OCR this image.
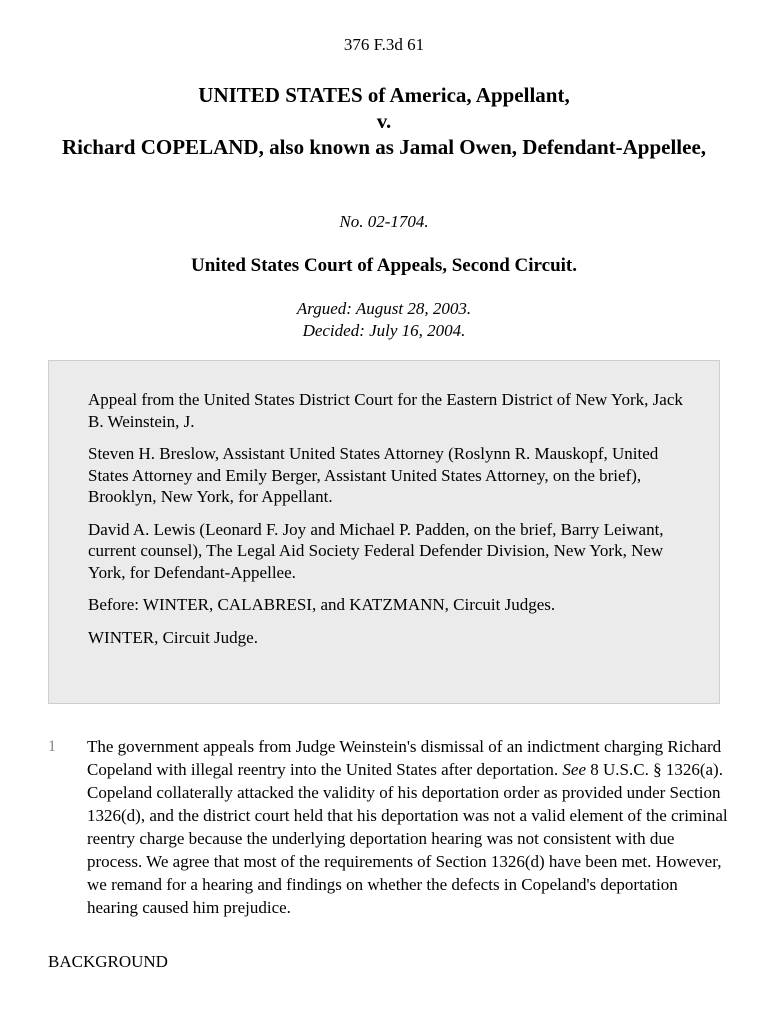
376 F.3d 61
UNITED STATES of America, Appellant,
v.
Richard COPELAND, also known as Jamal Owen, Defendant-Appellee,
No. 02-1704.
United States Court of Appeals, Second Circuit.
Argued: August 28, 2003.
Decided: July 16, 2004.

Appeal from the United States District Court for the Eastern District of New York, Jack B. Weinstein, J.

Steven H. Breslow, Assistant United States Attorney (Roslynn R. Mauskopf, United States Attorney and Emily Berger, Assistant United States Attorney, on the brief), Brooklyn, New York, for Appellant.

David A. Lewis (Leonard F. Joy and Michael P. Padden, on the brief, Barry Leiwant, current counsel), The Legal Aid Society Federal Defender Division, New York, New York, for Defendant-Appellee.

Before: WINTER, CALABRESI, and KATZMANN, Circuit Judges.

WINTER, Circuit Judge.

1 The government appeals from Judge Weinstein's dismissal of an indictment charging Richard Copeland with illegal reentry into the United States after deportation. See 8 U.S.C. § 1326(a). Copeland collaterally attacked the validity of his deportation order as provided under Section 1326(d), and the district court held that his deportation was not a valid element of the criminal reentry charge because the underlying deportation hearing was not consistent with due process. We agree that most of the requirements of Section 1326(d) have been met. However, we remand for a hearing and findings on whether the defects in Copeland's deportation hearing caused him prejudice.
BACKGROUND
